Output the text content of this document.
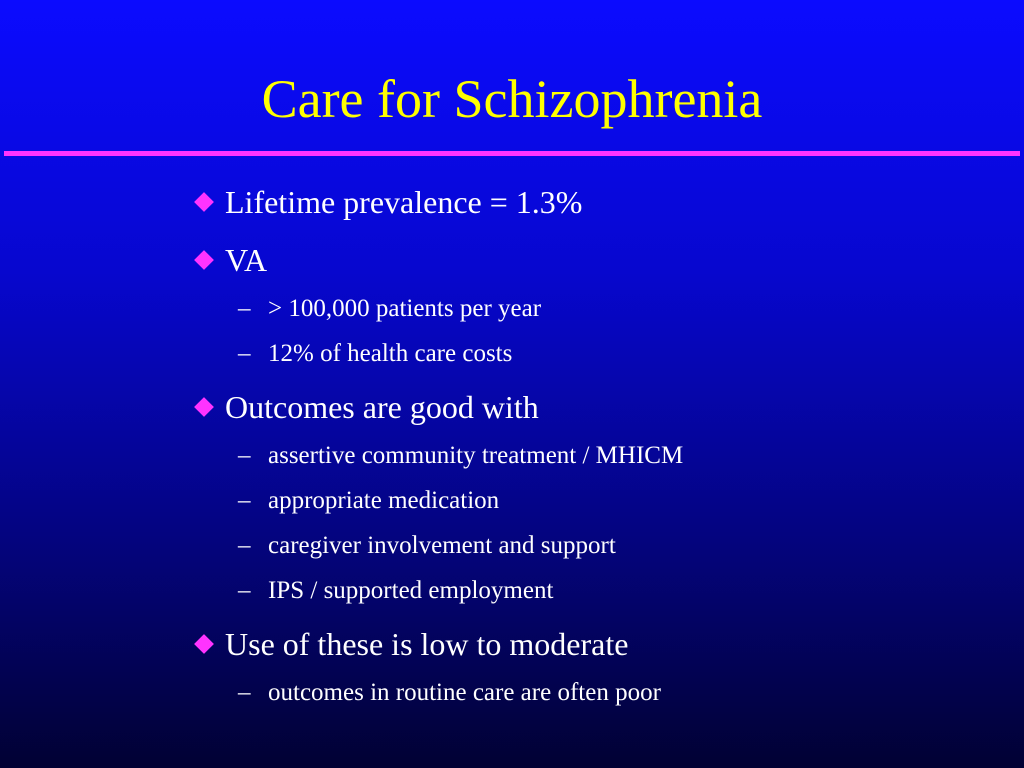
Care for Schizophrenia
Lifetime prevalence = 1.3%
VA
– > 100,000 patients per year
– 12% of health care costs
Outcomes are good with
– assertive community treatment / MHICM
– appropriate medication
– caregiver involvement and support
– IPS / supported employment
Use of these is low to moderate
– outcomes in routine care are often poor
